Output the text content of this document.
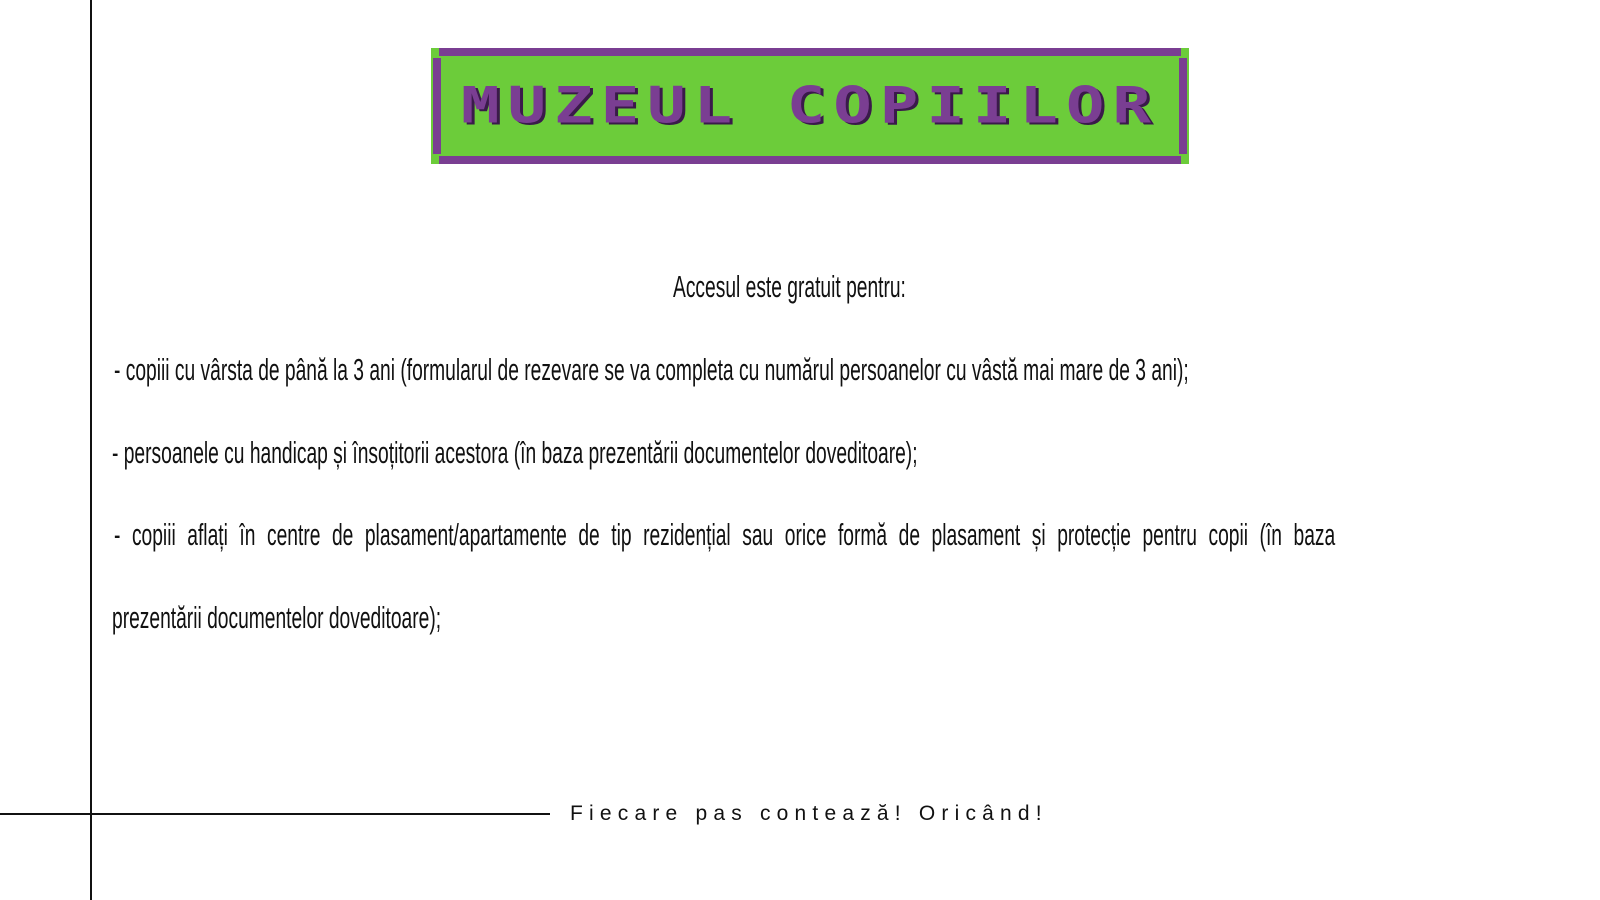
MUZEUL COPIILOR
Accesul este gratuit pentru:
- copiii cu vârsta de până la 3 ani (formularul de rezevare se va completa cu numărul persoanelor cu vâstă mai mare de 3 ani);
- persoanele cu handicap și însoțitorii acestora (în baza prezentării documentelor doveditoare);
- copiii aflați în centre de plasament/apartamente de tip rezidențial sau orice formă de plasament și protecție pentru copii (în baza
prezentării documentelor doveditoare);
Fiecare pas contează! Oricând!
